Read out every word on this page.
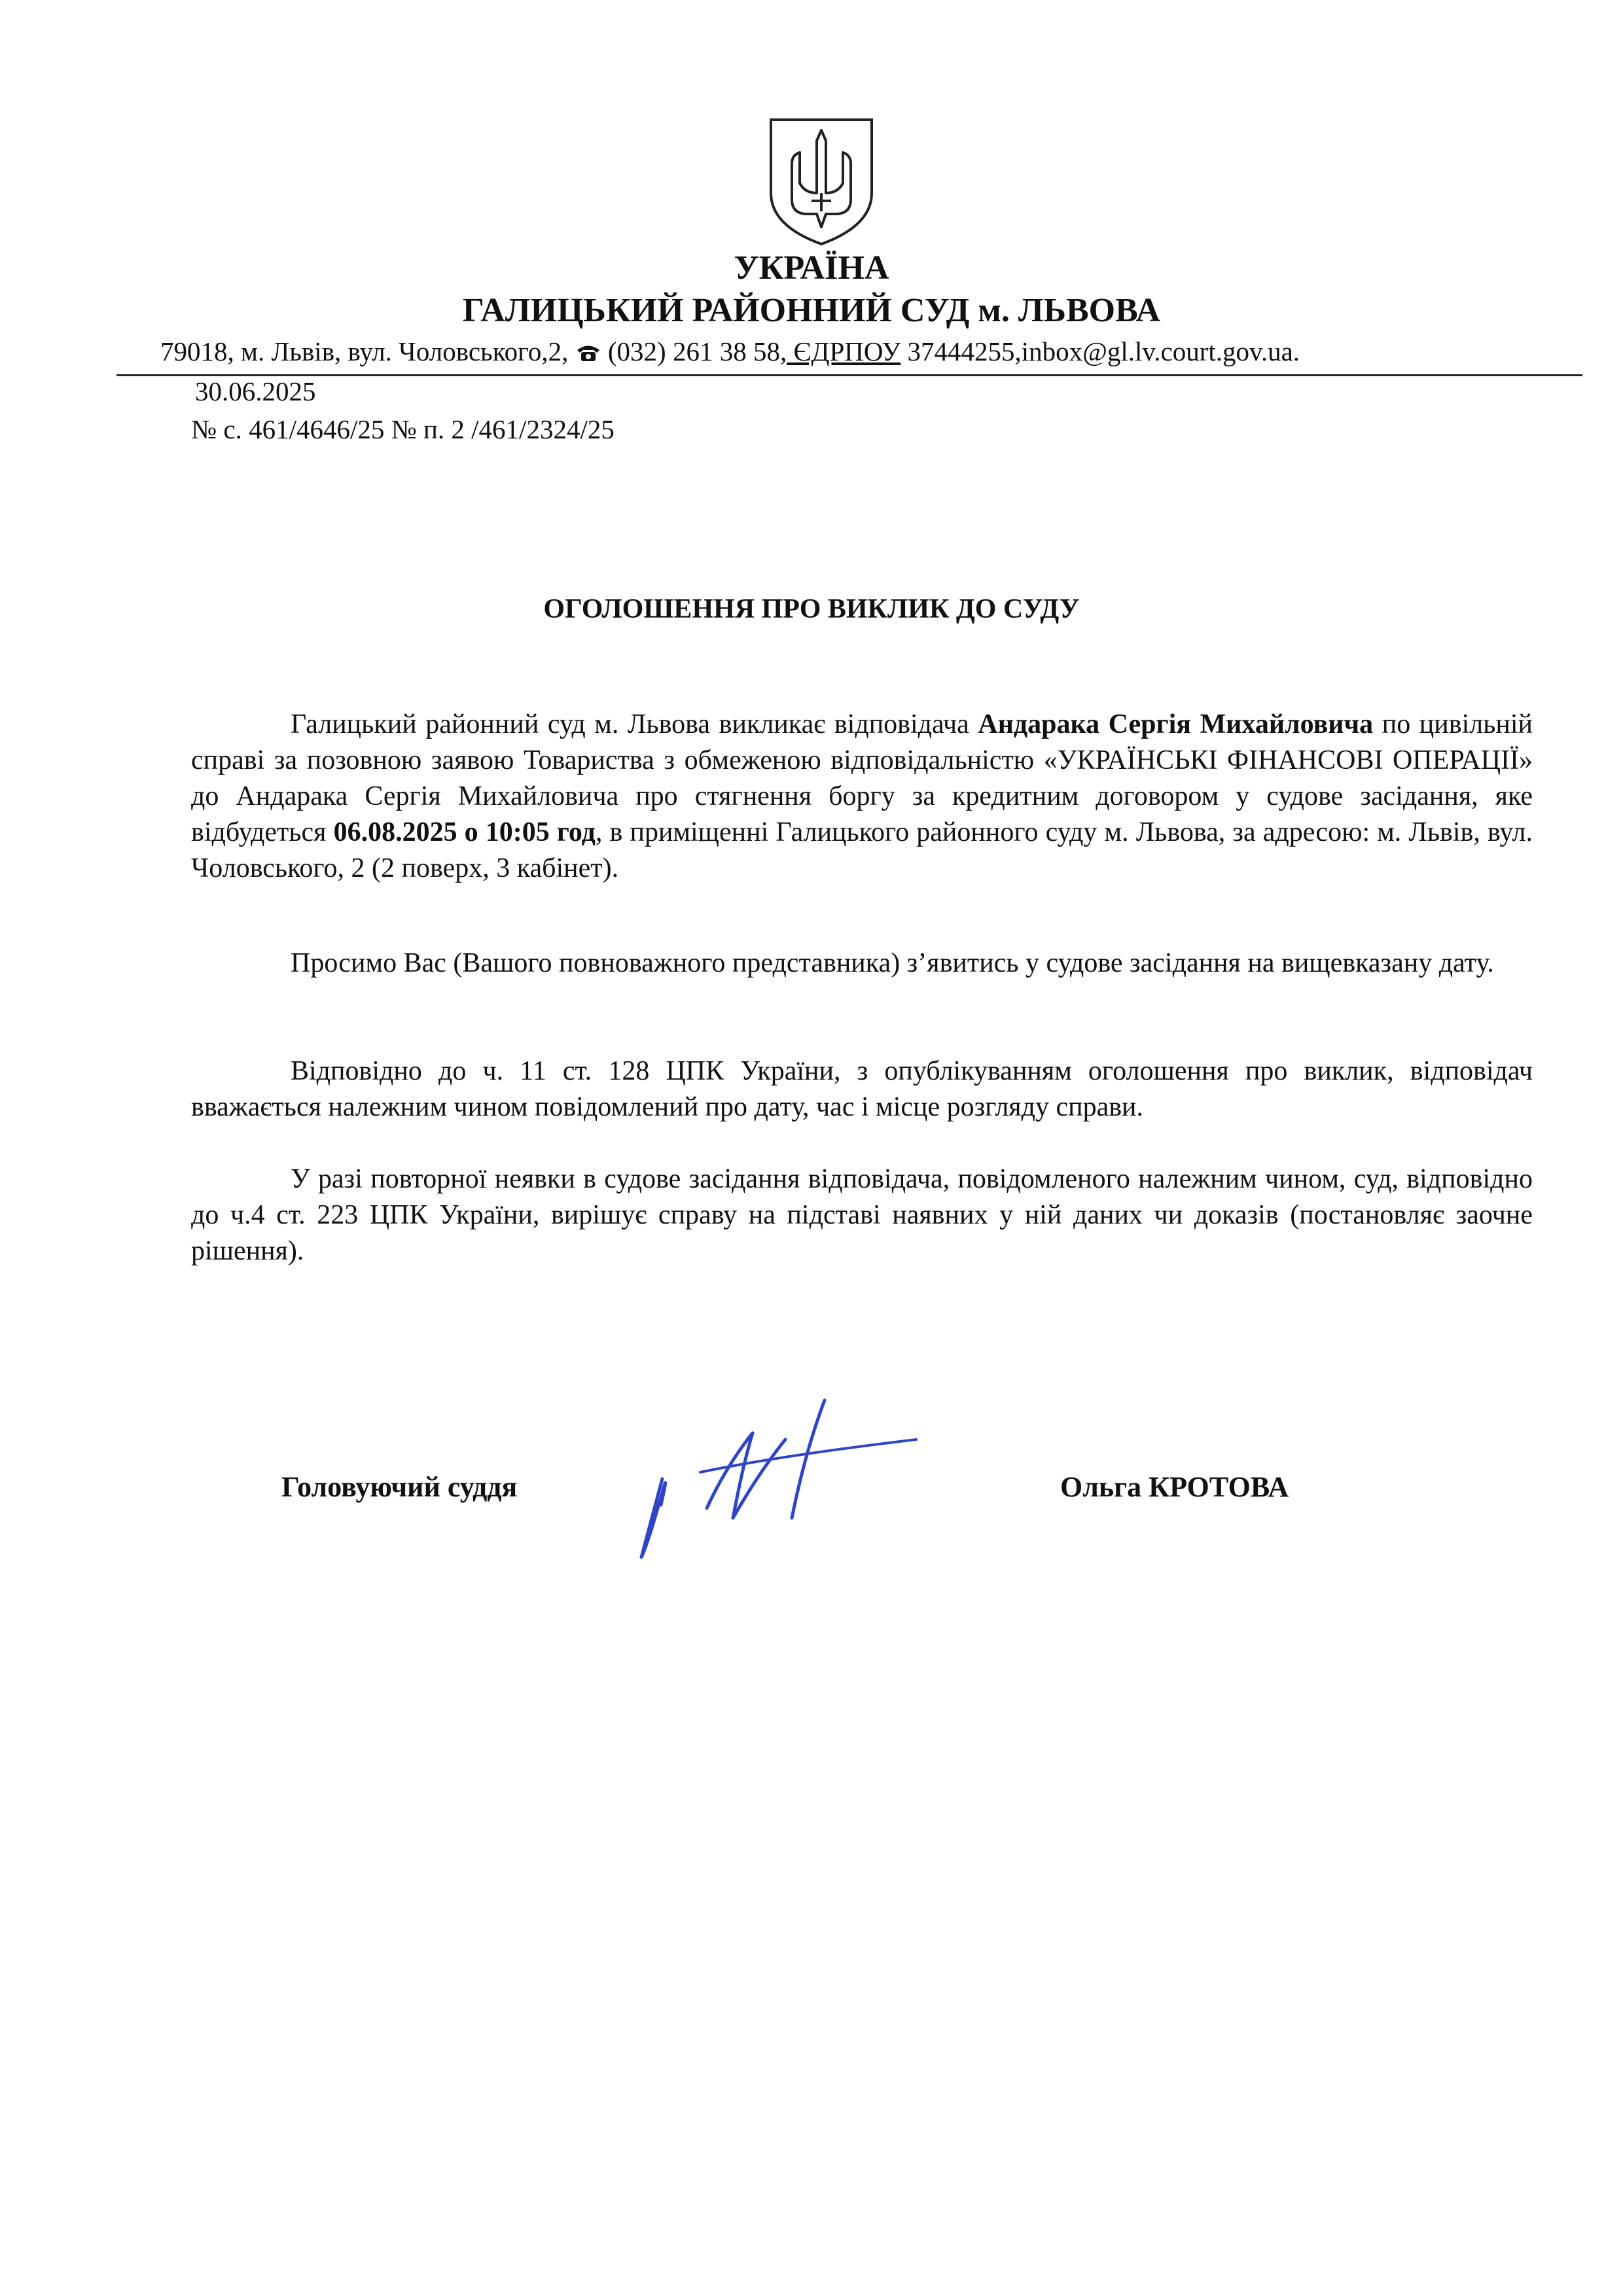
УКРАЇНА
ГАЛИЦЬКИЙ РАЙОННИЙ СУД м. ЛЬВОВА
79018, м. Львів, вул. Чоловського,2,  (032) 261 38 58, ЄДРПОУ 37444255,inbox@gl.lv.court.gov.ua.
30.06.2025
№ с. 461/4646/25 № п. 2 /461/2324/25
ОГОЛОШЕННЯ ПРО ВИКЛИК ДО СУДУ
Галицький районний суд м. Львова викликає відповідача Андарака Сергія Михайловича по цивільній справі за позовною заявою Товариства з обмеженою відповідальністю «УКРАЇНСЬКІ ФІНАНСОВІ ОПЕРАЦІЇ» до Андарака Сергія Михайловича про стягнення боргу за кредитним договором у судове засідання, яке відбудеться 06.08.2025 о 10:05 год, в приміщенні Галицького районного суду м. Львова, за адресою: м. Львів, вул. Чоловського, 2 (2 поверх, 3 кабінет).
Просимо Вас (Вашого повноважного представника) з’явитись у судове засідання на вищевказану дату.
Відповідно до ч. 11 ст. 128 ЦПК України, з опублікуванням оголошення про виклик, відповідач вважається належним чином повідомлений про дату, час і місце розгляду справи.
У разі повторної неявки в судове засідання відповідача, повідомленого належним чином, суд, відповідно до ч.4 ст. 223 ЦПК України, вирішує справу на підставі наявних у ній даних чи доказів (постановляє заочне рішення).
Головуючий суддя	Ольга КРОТОВА
